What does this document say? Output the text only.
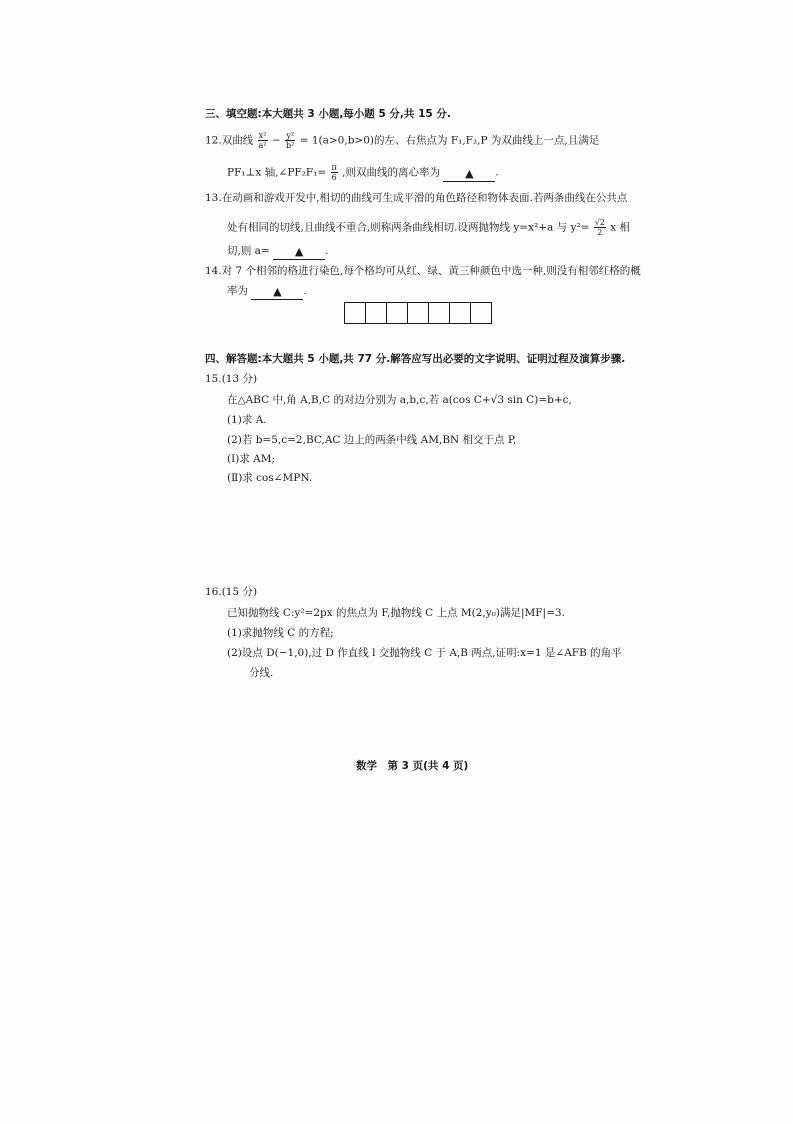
三、填空题:本大题共 3 小题,每小题 5 分,共 15 分.
12.双曲线 $\frac{\text{x²}}{\text{a²}} - \frac{\text{y²}}{\text{b²}} = 1(a>0,b>0)$的左、右焦点为 F₁,F₂,P 为双曲线上一点,且满足
PF₁⊥x 轴,∠PF₂F₁= $\frac{\pi}{6}$ ,则双曲线的离心率为 ▲ .
13.在动画和游戏开发中,相切的曲线可生成平滑的角色路径和物体表面.若两条曲线在公共点
处有相同的切线,且曲线不重合,则称两条曲线相切.设两抛物线 y=x²+a 与 $y^2= \frac{√2}{2}$ x 相
切,则 a= ▲ .
14.对 7 个相邻的格进行染色,每个格均可从红、绿、黄三种颜色中选一种,则没有相邻红格的概
率为 ▲ .
四、解答题:本大题共 5 小题,共 77 分.解答应写出必要的文字说明、证明过程及演算步骤.
15.(13 分)
在△ABC 中,角 A,B,C 的对边分别为 a,b,c,若 a(cos C+√3 sin C)=b+c,
(1)求 A.
(2)若 b=5,c=2,BC,AC 边上的两条中线 AM,BN 相交于点 P,
(Ⅰ)求 AM;
(Ⅱ)求 cos∠MPN.
16.(15 分)
已知抛物线 C:y²=2px 的焦点为 F,抛物线 C 上点 M(2,y₀)满足|MF|=3.
(1)求抛物线 C 的方程;
(2)设点 D(−1,0),过 D 作直线 l 交抛物线 C 于 A,B 两点,证明:x=1 是∠AFB 的角平
分线.
数学　第 3 页(共 4 页)
